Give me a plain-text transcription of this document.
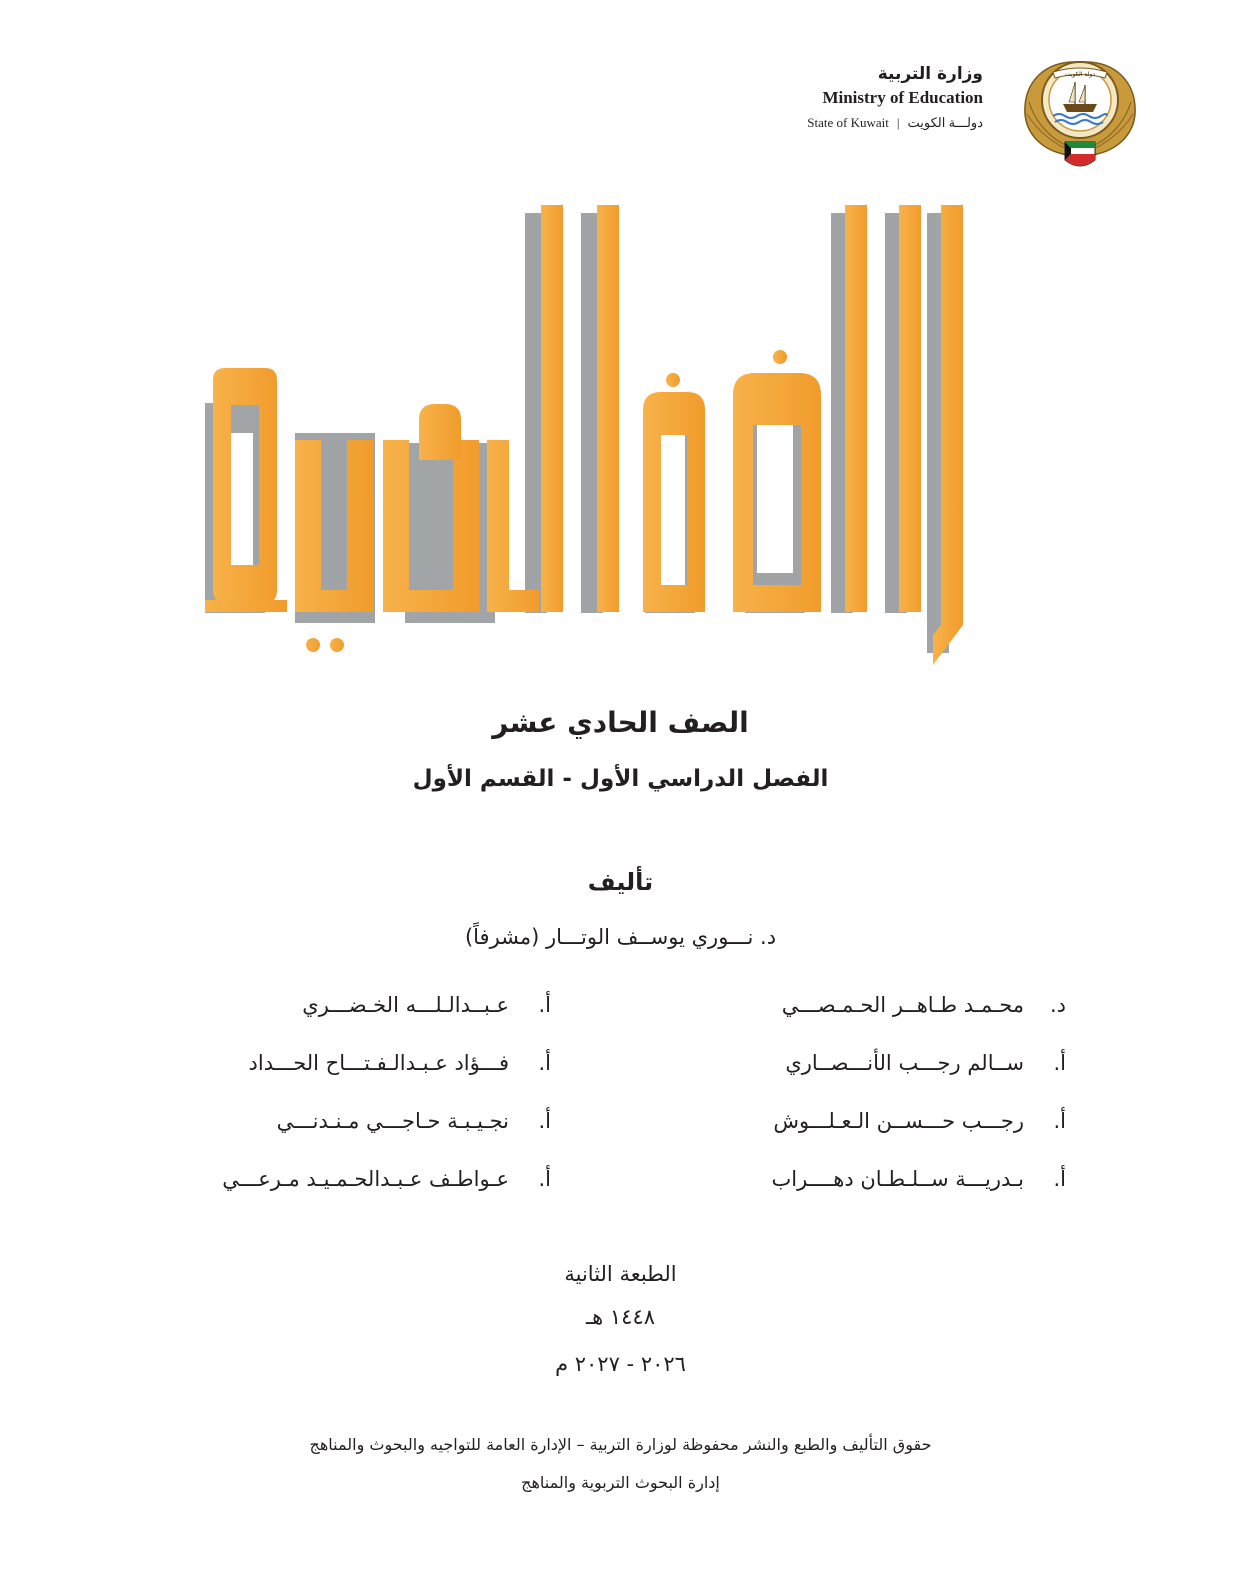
وزارة التربية
Ministry of Education
State of Kuwait | دولـــة الكويت
دولة الكويت
الصف الحادي عشر
الفصل الدراسي الأول - القسم الأول
تأليف
د. نـــوري يوســف الوتـــار (مشرفاً)
د.محـمـد طـاهــر الحـمـصـــي
أ.ســالم رجـــب الأنـــصــاري
أ.رجـــب حـــســن الـعـلـــوش
أ.بـدريـــة ســلـطـان دهــــراب
أ.عـبــدالـلـــه الخـضـــري
أ.فـــؤاد عـبـدالـفـتـــاح الحـــداد
أ.نجـيـبـة حـاجـــي مـنـدنـــي
أ.عـواطـف عـبـدالحـمـيـد مـرعـــي
الطبعة الثانية
١٤٤٨ هـ
٢٠٢٦ - ٢٠٢٧ م
حقوق التأليف والطبع والنشر محفوظة لوزارة التربية – الإدارة العامة للتواجيه والبحوث والمناهج
إدارة البحوث التربوية والمناهج
